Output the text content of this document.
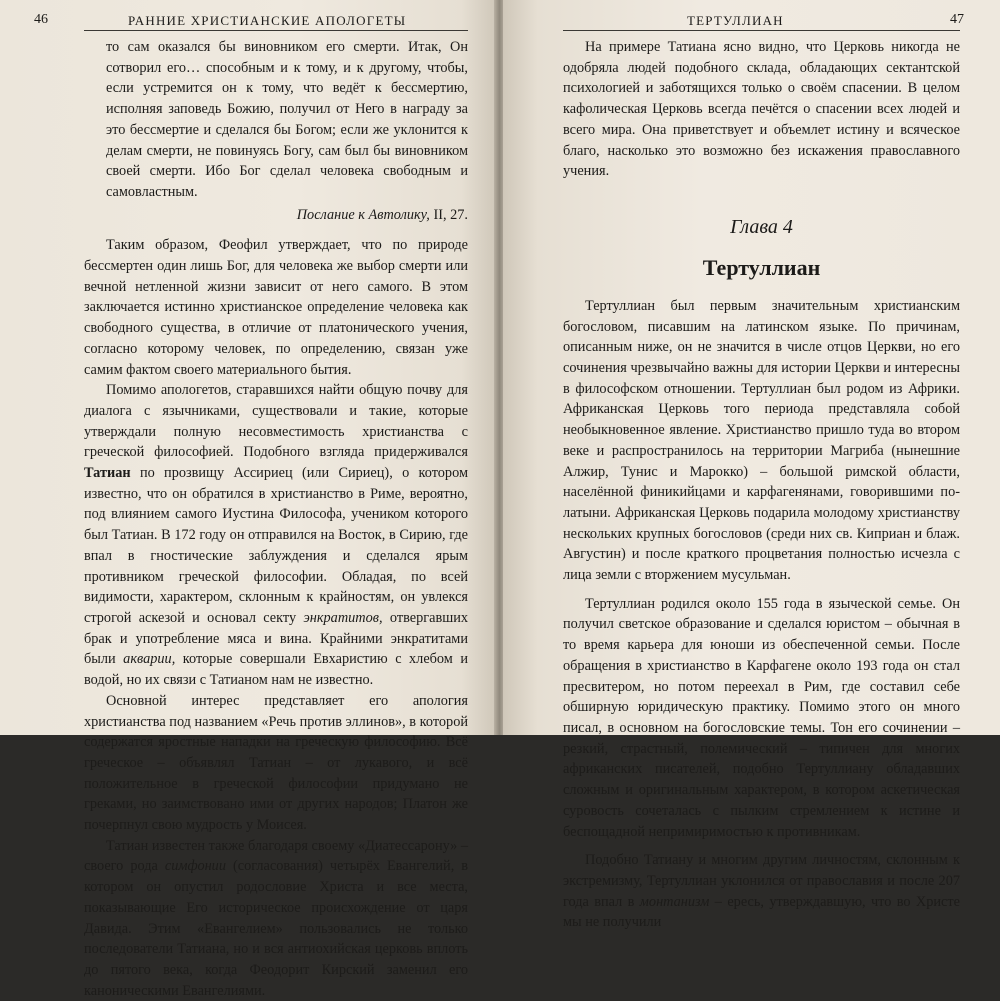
46	РАННИЕ ХРИСТИАНСКИЕ АПОЛОГЕТЫ

то сам оказался бы виновником его смерти. Итак, Он сотворил его… способным и к тому, и к другому, чтобы, если устремится он к тому, что ведёт к бессмертию, исполняя заповедь Божию, получил от Него в награду за это бессмертие и сделался бы Богом; если же уклонится к делам смерти, не повинуясь Богу, сам был бы виновником своей смерти. Ибо Бог сделал человека свободным и самовластным.

Послание к Автолику, II, 27.

Таким образом, Феофил утверждает, что по природе бессмертен один лишь Бог, для человека же выбор смерти или вечной нетленной жизни зависит от него самого. В этом заключается истинно христианское определение человека как свободного существа, в отличие от платонического учения, согласно которому человек, по определению, связан уже самим фактом своего материального бытия.

Помимо апологетов, старавшихся найти общую почву для диалога с язычниками, существовали и такие, которые утверждали полную несовместимость христианства с греческой философией. Подобного взгляда придерживался Татиан по прозвищу Ассириец (или Сириец), о котором известно, что он обратился в христианство в Риме, вероятно, под влиянием самого Иустина Философа, учеником которого был Татиан. В 172 году он отправился на Восток, в Сирию, где впал в гностические заблуждения и сделался ярым противником греческой философии. Обладая, по всей видимости, характером, склонным к крайностям, он увлекся строгой аскезой и основал секту энкратитов, отвергавших брак и употребление мяса и вина. Крайними энкратитами были акварии, которые совершали Евхаристию с хлебом и водой, но их связи с Татианом нам не известно.

Основной интерес представляет его апология христианства под названием «Речь против эллинов», в которой содержатся яростные нападки на греческую философию. Всё греческое – объявлял Татиан – от лукавого, и всё положительное в греческой философии придумано не греками, но заимствовано ими от других народов; Платон же почерпнул свою мудрость у Моисея.

Татиан известен также благодаря своему «Диатессарону» – своего рода симфонии (согласования) четырёх Евангелий, в котором он опустил родословие Христа и все места, показывающие Его историческое происхождение от царя Давида. Этим «Евангелием» пользовались не только последователи Татиана, но и вся антиохийская церковь вплоть до пятого века, когда Феодорит Кирский заменил его каноническими Евангелиями.

ТЕРТУЛЛИАН	47

На примере Татиана ясно видно, что Церковь никогда не одобряла людей подобного склада, обладающих сектантской психологией и заботящихся только о своём спасении. В целом кафолическая Церковь всегда печётся о спасении всех людей и всего мира. Она приветствует и объемлет истину и всяческое благо, насколько это возможно без искажения православного учения.

Глава 4
Тертуллиан

Тертуллиан был первым значительным христианским богословом, писавшим на латинском языке. По причинам, описанным ниже, он не значится в числе отцов Церкви, но его сочинения чрезвычайно важны для истории Церкви и интересны в философском отношении. Тертуллиан был родом из Африки. Африканская Церковь того периода представляла собой необыкновенное явление. Христианство пришло туда во втором веке и распространилось на территории Магриба (нынешние Алжир, Тунис и Марокко) – большой римской области, населённой финикийцами и карфагенянами, говорившими по-латыни. Африканская Церковь подарила молодому христианству нескольких крупных богословов (среди них св. Киприан и блаж. Августин) и после краткого процветания полностью исчезла с лица земли с вторжением мусульман.

Тертуллиан родился около 155 года в языческой семье. Он получил светское образование и сделался юристом – обычная в то время карьера для юноши из обеспеченной семьи. После обращения в христианство в Карфагене около 193 года он стал пресвитером, но потом переехал в Рим, где составил себе обширную юридическую практику. Помимо этого он много писал, в основном на богословские темы. Тон его сочинении – резкий, страстный, полемический – типичен для многих африканских писателей, подобно Тертуллиану обладавших сложным и оригинальным характером, в котором аскетическая суровость сочеталась с пылким стремлением к истине и беспощадной непримиримостью к противникам.

Подобно Татиану и многим другим личностям, склонным к экстремизму, Тертуллиан уклонился от православия и после 207 года впал в монтанизм – ересь, утверждавшую, что во Христе мы не получили
